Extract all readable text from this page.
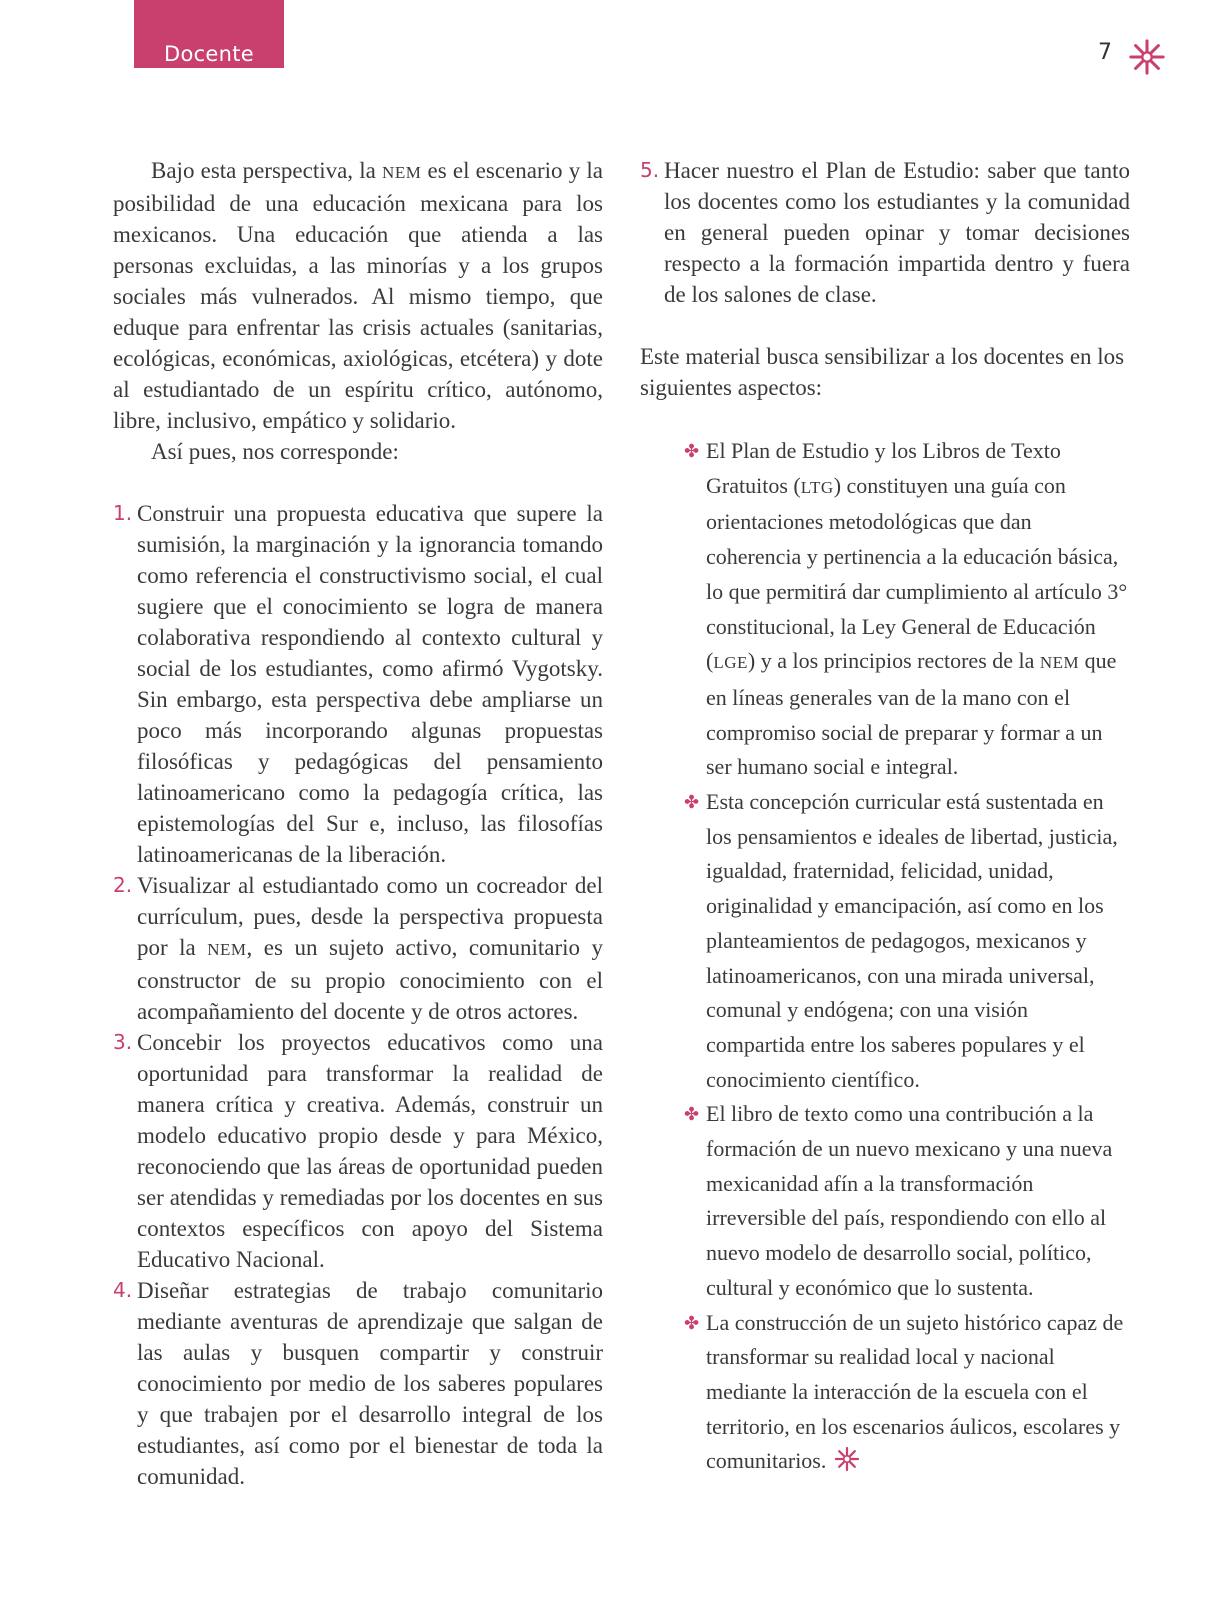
Docente	7

Bajo esta perspectiva, la NEM es el escenario y la posibilidad de una educación mexicana para los mexicanos. Una educación que atienda a las personas excluidas, a las minorías y a los grupos sociales más vulnerados. Al mismo tiempo, que eduque para enfrentar las crisis actuales (sanitarias, ecológicas, económicas, axiológicas, etcétera) y dote al estudiantado de un espíritu crítico, autónomo, libre, inclusivo, empático y solidario.

Así pues, nos corresponde:

1. Construir una propuesta educativa que supere la sumisión, la marginación y la ignorancia tomando como referencia el constructivismo social, el cual sugiere que el conocimiento se logra de manera colaborativa respondiendo al contexto cultural y social de los estudiantes, como afirmó Vygotsky. Sin embargo, esta perspectiva debe ampliarse un poco más incorporando algunas propuestas filosóficas y pedagógicas del pensamiento latinoamericano como la pedagogía crítica, las epistemologías del Sur e, incluso, las filosofías latinoamericanas de la liberación.
2. Visualizar al estudiantado como un cocreador del currículum, pues, desde la perspectiva propuesta por la NEM, es un sujeto activo, comunitario y constructor de su propio conocimiento con el acompañamiento del docente y de otros actores.
3. Concebir los proyectos educativos como una oportunidad para transformar la realidad de manera crítica y creativa. Además, construir un modelo educativo propio desde y para México, reconociendo que las áreas de oportunidad pueden ser atendidas y remediadas por los docentes en sus contextos específicos con apoyo del Sistema Educativo Nacional.
4. Diseñar estrategias de trabajo comunitario mediante aventuras de aprendizaje que salgan de las aulas y busquen compartir y construir conocimiento por medio de los saberes populares y que trabajen por el desarrollo integral de los estudiantes, así como por el bienestar de toda la comunidad.
5. Hacer nuestro el Plan de Estudio: saber que tanto los docentes como los estudiantes y la comunidad en general pueden opinar y tomar decisiones respecto a la formación impartida dentro y fuera de los salones de clase.

Este material busca sensibilizar a los docentes en los siguientes aspectos:

✤ El Plan de Estudio y los Libros de Texto Gratuitos (LTG) constituyen una guía con orientaciones metodológicas que dan coherencia y pertinencia a la educación básica, lo que permitirá dar cumplimiento al artículo 3° constitucional, la Ley General de Educación (LGE) y a los principios rectores de la NEM que en líneas generales van de la mano con el compromiso social de preparar y formar a un ser humano social e integral.
✤ Esta concepción curricular está sustentada en los pensamientos e ideales de libertad, justicia, igualdad, fraternidad, felicidad, unidad, originalidad y emancipación, así como en los planteamientos de pedagogos, mexicanos y latinoamericanos, con una mirada universal, comunal y endógena; con una visión compartida entre los saberes populares y el conocimiento científico.
✤ El libro de texto como una contribución a la formación de un nuevo mexicano y una nueva mexicanidad afín a la transformación irreversible del país, respondiendo con ello al nuevo modelo de desarrollo social, político, cultural y económico que lo sustenta.
✤ La construcción de un sujeto histórico capaz de transformar su realidad local y nacional mediante la interacción de la escuela con el territorio, en los escenarios áulicos, escolares y comunitarios.
